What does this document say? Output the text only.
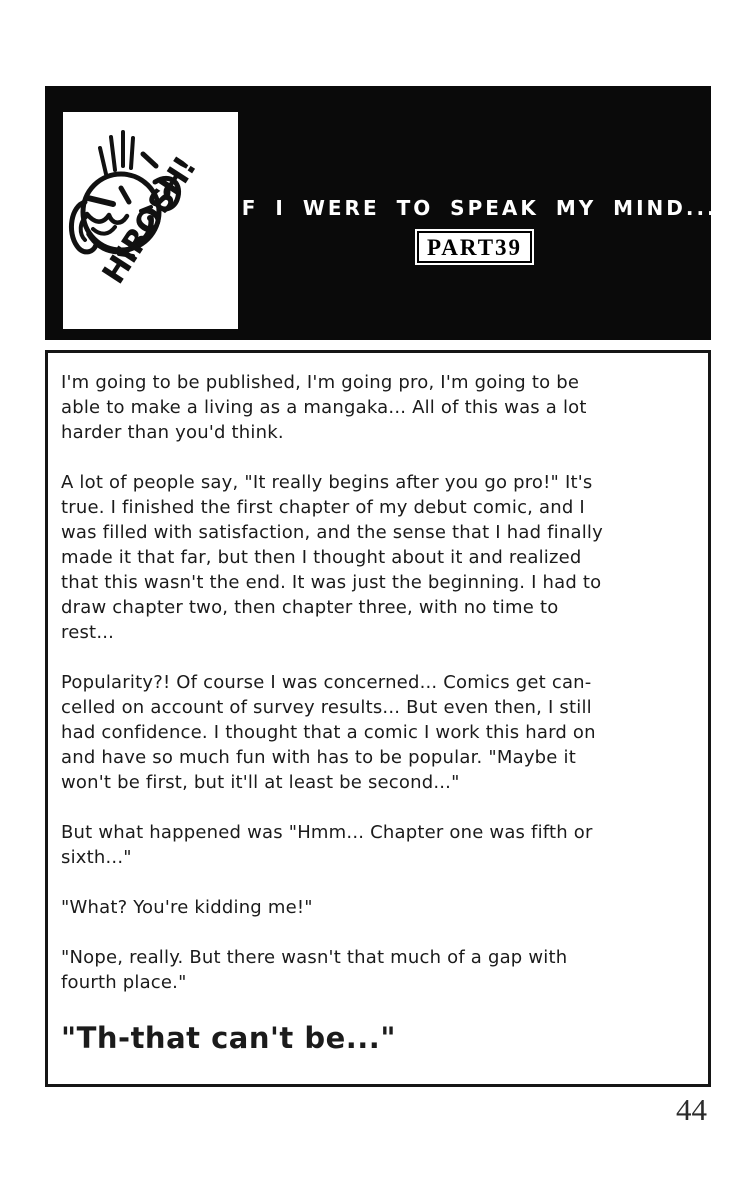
HIROSH! IF I WERE TO SPEAK MY MIND...
PART39

I'm going to be published, I'm going pro, I'm going to be
able to make a living as a mangaka... All of this was a lot
harder than you'd think.

A lot of people say, "It really begins after you go pro!" It's
true. I finished the first chapter of my debut comic, and I
was filled with satisfaction, and the sense that I had finally
made it that far, but then I thought about it and realized
that this wasn't the end. It was just the beginning. I had to
draw chapter two, then chapter three, with no time to
rest...

Popularity?! Of course I was concerned... Comics get can-
celled on account of survey results... But even then, I still
had confidence. I thought that a comic I work this hard on
and have so much fun with has to be popular. "Maybe it
won't be first, but it'll at least be second..."

But what happened was "Hmm... Chapter one was fifth or
sixth..."

"What? You're kidding me!"

"Nope, really. But there wasn't that much of a gap with
fourth place."

"Th-that can't be..."

44
